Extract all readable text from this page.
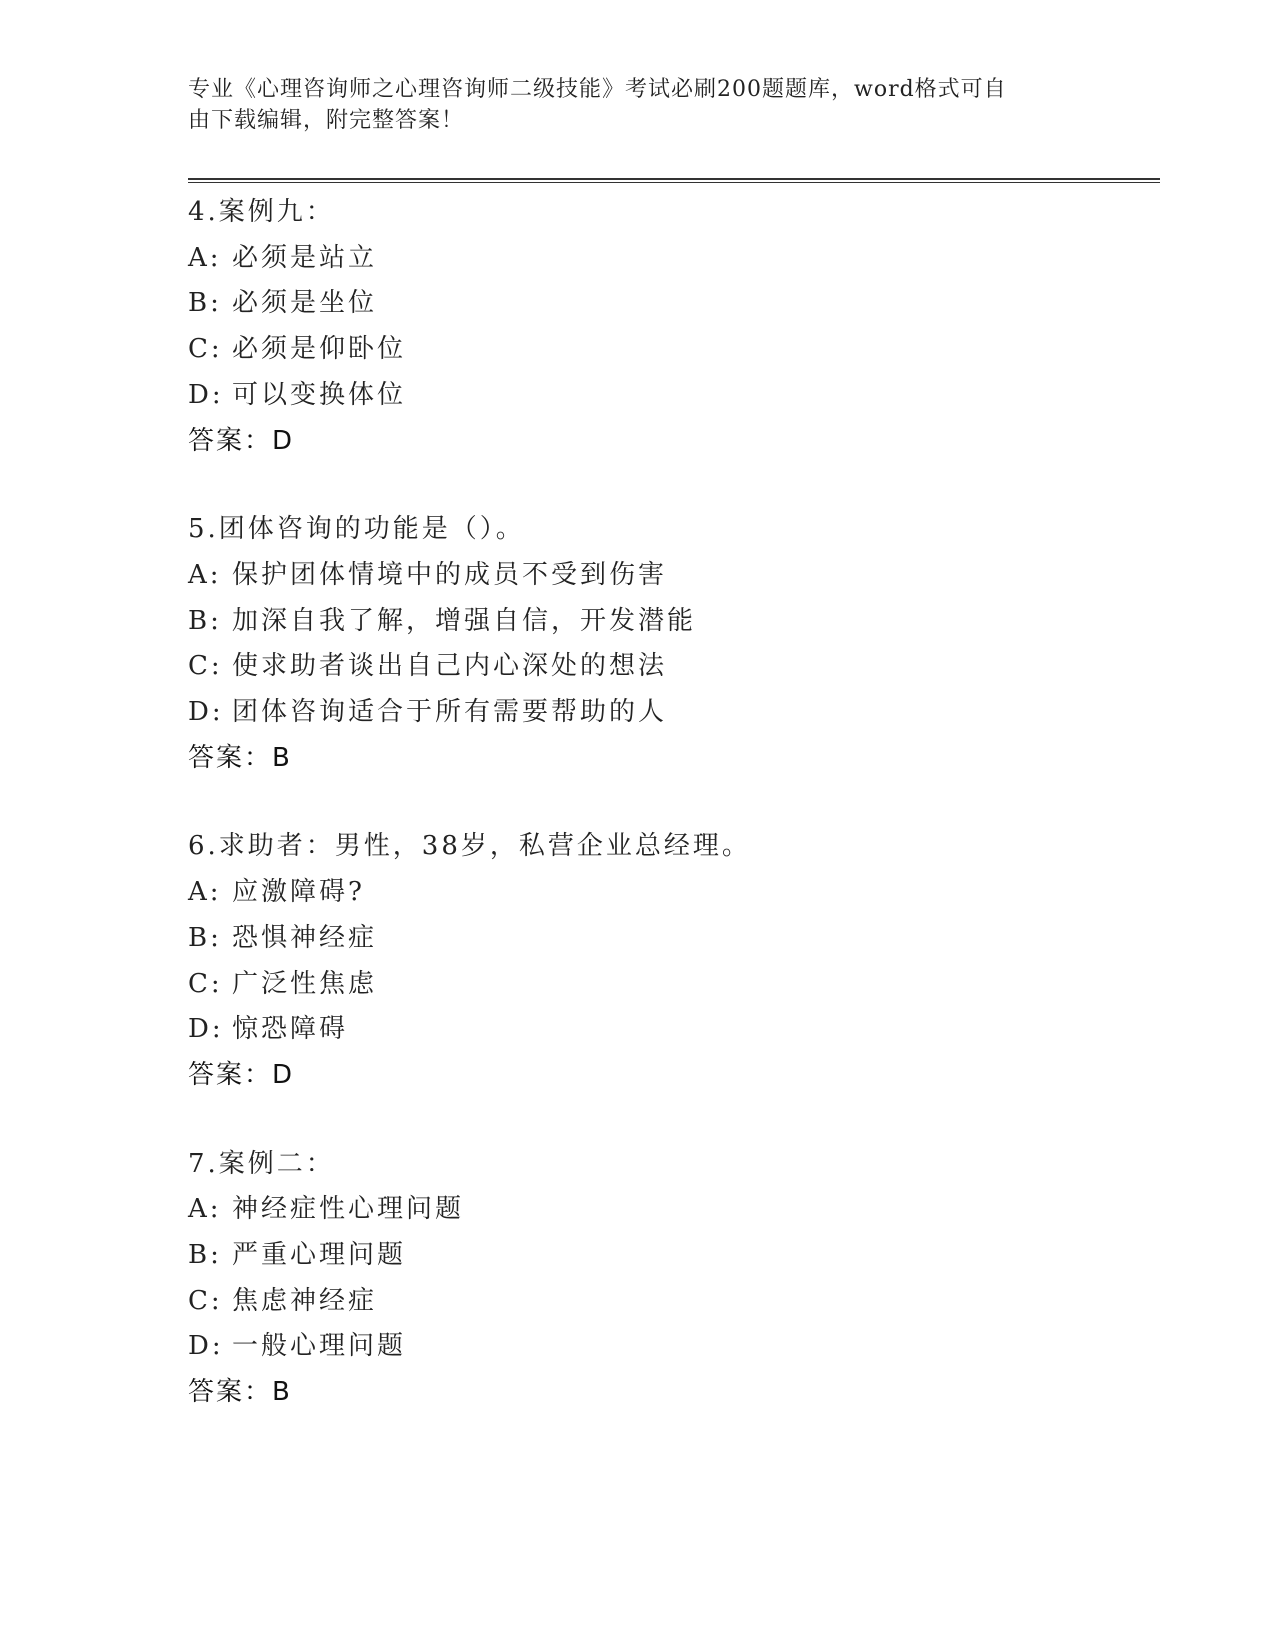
专业《心理咨询师之心理咨询师二级技能》考试必刷200题题库，word格式可自
由下载编辑，附完整答案！
4.案例九：
A: 必须是站立
B: 必须是坐位
C: 必须是仰卧位
D: 可以变换体位
答案：D
5.团体咨询的功能是（）。
A: 保护团体情境中的成员不受到伤害
B: 加深自我了解，增强自信，开发潜能
C: 使求助者谈出自己内心深处的想法
D: 团体咨询适合于所有需要帮助的人
答案：B
6.求助者：男性，38岁，私营企业总经理。
A: 应激障碍?
B: 恐惧神经症
C: 广泛性焦虑
D: 惊恐障碍
答案：D
7.案例二：
A: 神经症性心理问题
B: 严重心理问题
C: 焦虑神经症
D: 一般心理问题
答案：B
